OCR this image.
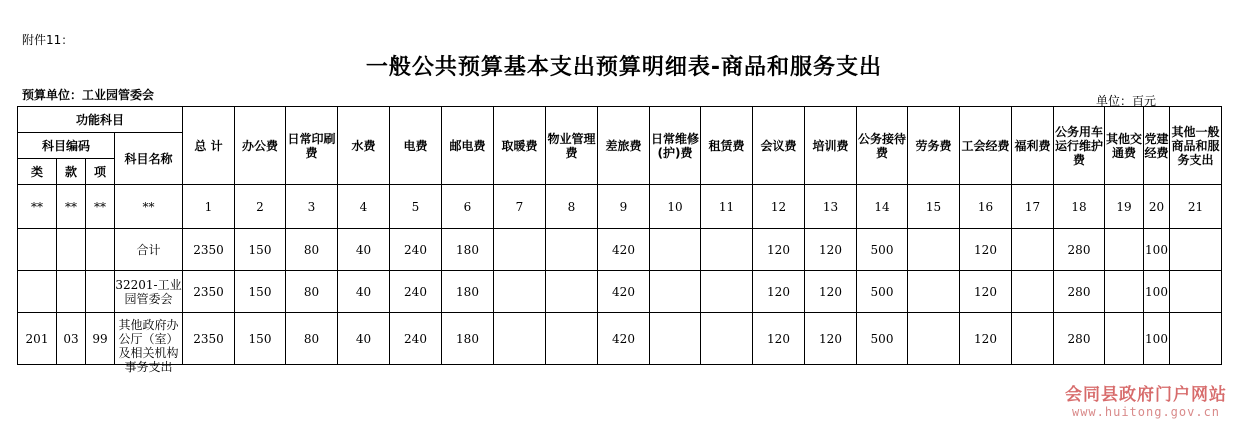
附件11：
一般公共预算基本支出预算明细表-商品和服务支出
预算单位：工业园管委会	单位：百元
功能科目				总 计	办公费	日常印刷费	水费	电费	邮电费	取暖费	物业管理费	差旅费	日常维修(护)费	租赁费	会议费	培训费	公务接待费	劳务费	工会经费	福利费	公务用车运行维护费	其他交通费	党建经费	其他一般商品和服务支出
科目编码			科目名称																					
类	款	项																						
**	**	**	**	1	2	3	4	5	6	7	8	9	10	11	12	13	14	15	16	17	18	19	20	21

			合计	2350	150	80	40	240	180			420			120	120	500		120		280		100	

			32201-工业园管委会	2350	150	80	40	240	180			420			120	120	500		120		280		100	
201	03	99	其他政府办公厅（室）及相关机构事务支出	2350	150	80	40	240	180			420			120	120	500		120		280		100	
会同县政府门户网站
www.huitong.gov.cn
